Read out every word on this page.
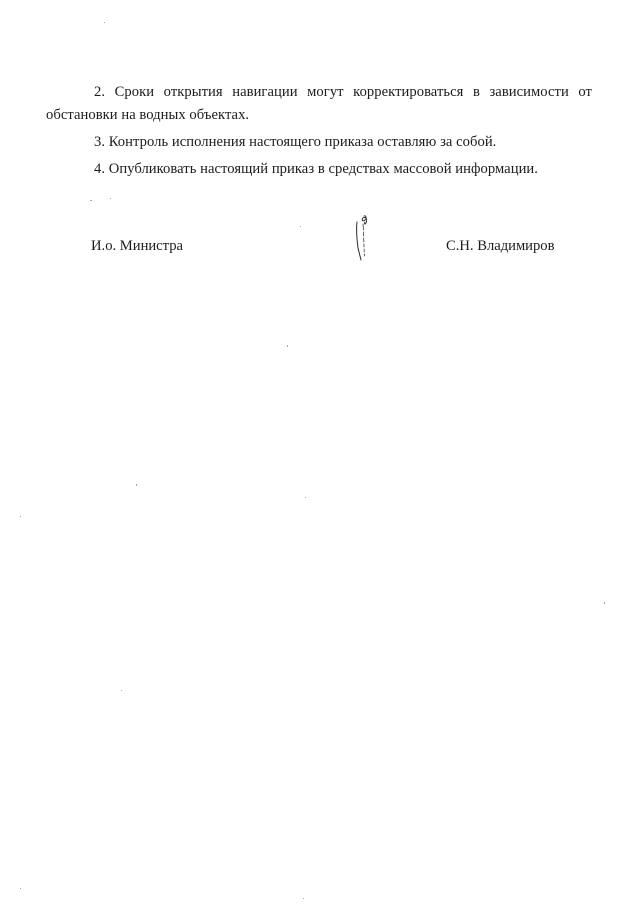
2. Сроки открытия навигации могут корректироваться в зависимости от
обстановки на водных объектах.
3. Контроль исполнения настоящего приказа оставляю за собой.
4. Опубликовать настоящий приказ в средствах массовой информации.
И.о. Министра	С.Н. Владимиров
